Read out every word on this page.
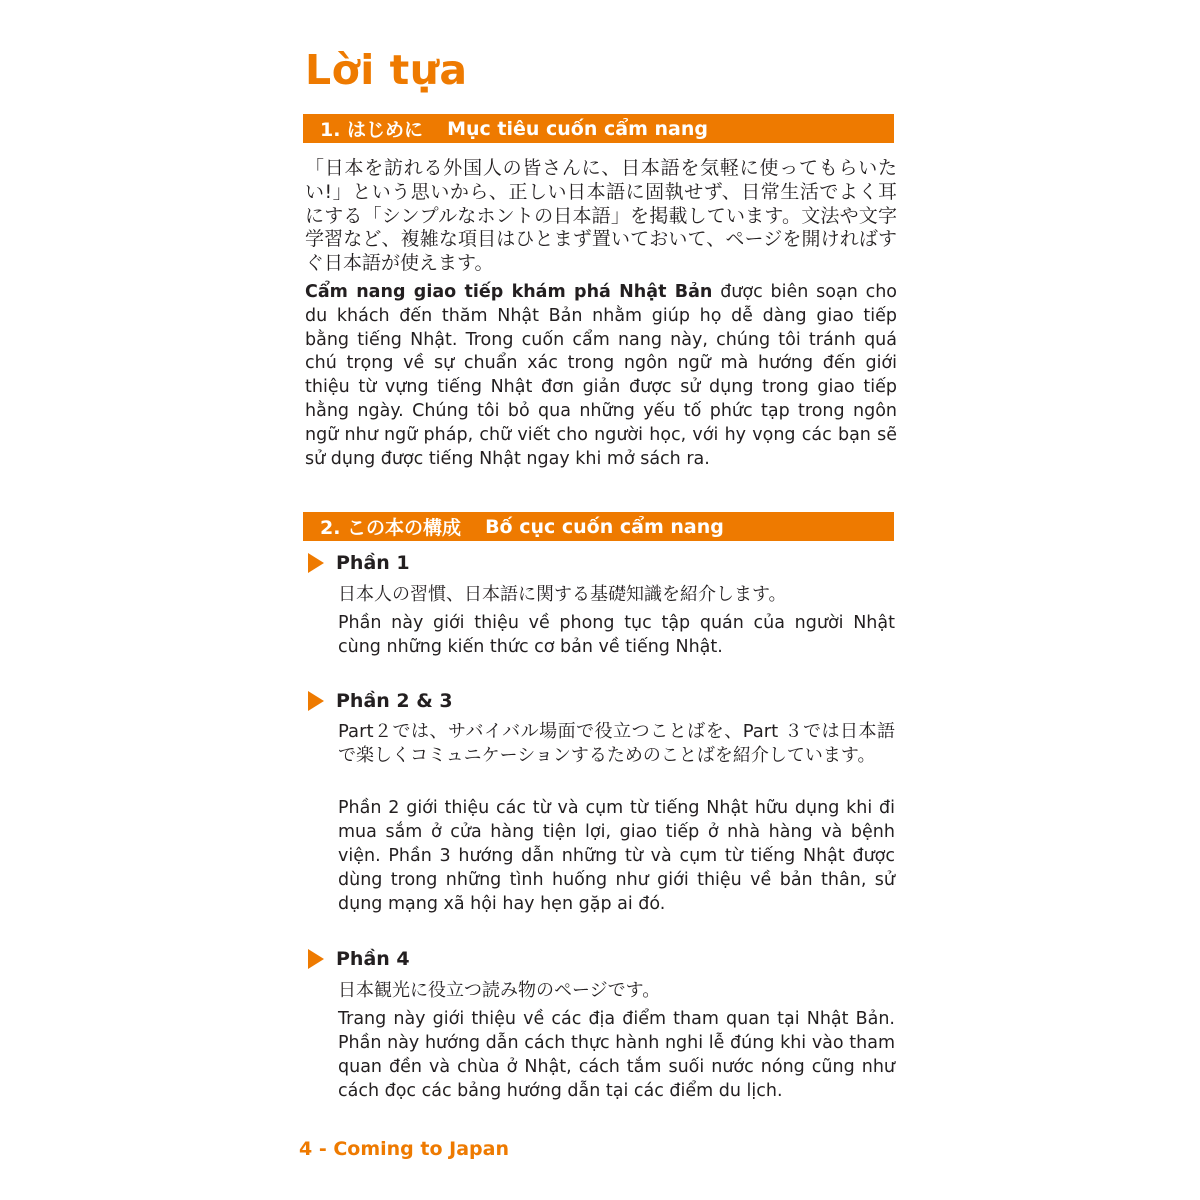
Lời tựa
1. はじめに Mục tiêu cuốn cẩm nang
「日本を訪れる外国人の皆さんに、日本語を気軽に使ってもらいたい!」という思いから、正しい日本語に固執せず、日常生活でよく耳にする「シンプルなホントの日本語」を掲載しています。文法や文字学習など、複雑な項目はひとまず置いておいて、ページを開ければすぐ日本語が使えます。
Cẩm nang giao tiếp khám phá Nhật Bản được biên soạn cho du khách đến thăm Nhật Bản nhằm giúp họ dễ dàng giao tiếp bằng tiếng Nhật. Trong cuốn cẩm nang này, chúng tôi tránh quá chú trọng về sự chuẩn xác trong ngôn ngữ mà hướng đến giới thiệu từ vựng tiếng Nhật đơn giản được sử dụng trong giao tiếp hằng ngày. Chúng tôi bỏ qua những yếu tố phức tạp trong ngôn ngữ như ngữ pháp, chữ viết cho người học, với hy vọng các bạn sẽ sử dụng được tiếng Nhật ngay khi mở sách ra.
2. この本の構成 Bố cục cuốn cẩm nang
Phần 1
日本人の習慣、日本語に関する基礎知識を紹介します。
Phần này giới thiệu về phong tục tập quán của người Nhật cùng những kiến thức cơ bản về tiếng Nhật.
Phần 2 & 3
Part２では、サバイバル場面で役立つことばを、Part ３では日本語で楽しくコミュニケーションするためのことばを紹介しています。
Phần 2 giới thiệu các từ và cụm từ tiếng Nhật hữu dụng khi đi mua sắm ở cửa hàng tiện lợi, giao tiếp ở nhà hàng và bệnh viện. Phần 3 hướng dẫn những từ và cụm từ tiếng Nhật được dùng trong những tình huống như giới thiệu về bản thân, sử dụng mạng xã hội hay hẹn gặp ai đó.
Phần 4
日本観光に役立つ読み物のページです。
Trang này giới thiệu về các địa điểm tham quan tại Nhật Bản. Phần này hướng dẫn cách thực hành nghi lễ đúng khi vào tham quan đền và chùa ở Nhật, cách tắm suối nước nóng cũng như cách đọc các bảng hướng dẫn tại các điểm du lịch.
4 - Coming to Japan
